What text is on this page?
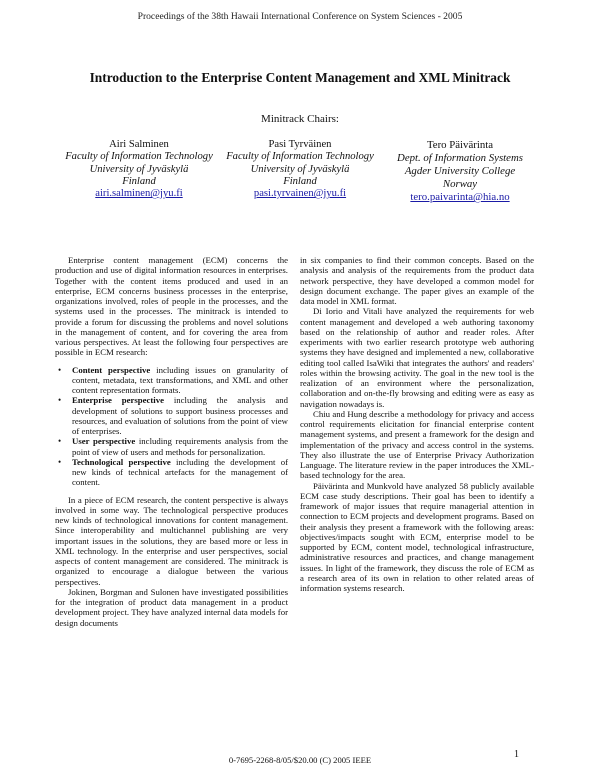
Proceedings of the 38th Hawaii International Conference on System Sciences - 2005
Introduction to the Enterprise Content Management and XML Minitrack
Minitrack Chairs:
Airi Salminen
Faculty of Information Technology
University of Jyväskylä
Finland
airi.salminen@jyu.fi
Pasi Tyrväinen
Faculty of Information Technology
University of Jyväskylä
Finland
pasi.tyrvainen@jyu.fi
Tero Päivärinta
Dept. of Information Systems
Agder University College
Norway
tero.paivarinta@hia.no

Enterprise content management (ECM) concerns the production and use of digital information resources in enterprises. Together with the content items produced and used in an enterprise, ECM concerns business processes in the enterprise, organizations involved, roles of people in the processes, and the systems used in the processes. The minitrack is intended to provide a forum for discussing the problems and novel solutions in the management of content, and for covering the area from various perspectives. At least the following four perspectives are possible in ECM research:

• Content perspective including issues on granularity of content, metadata, text transformations, and XML and other content representation formats.
• Enterprise perspective including the analysis and development of solutions to support business processes and resources, and evaluation of solutions from the point of view of enterprises.
• User perspective including requirements analysis from the point of view of users and methods for personalization.
• Technological perspective including the development of new kinds of technical artefacts for the management of content.

In a piece of ECM research, the content perspective is always involved in some way. The technological perspective produces new kinds of technological innovations for content management. Since interoperability and multichannel publishing are very important issues in the solutions, they are based more or less in XML technology. In the enterprise and user perspectives, social aspects of content management are considered. The minitrack is organized to encourage a dialogue between the various perspectives.

Jokinen, Borgman and Sulonen have investigated possibilities for the integration of product data management in a product development project. They have analyzed internal data models for design documents

in six companies to find their common concepts. Based on the analysis and analysis of the requirements from the product data network perspective, they have developed a common model for design document exchange. The paper gives an example of the data model in XML format.

Di Iorio and Vitali have analyzed the requirements for web content management and developed a web authoring taxonomy based on the relationship of author and reader roles. After experiments with two earlier research prototype web authoring systems they have designed and implemented a new, collaborative editing tool called IsaWiki that integrates the authors' and readers' roles within the browsing activity. The goal in the new tool is the realization of an environment where the personalization, collaboration and on-the-fly browsing and editing were as easy as navigation nowadays is.

Chiu and Hung describe a methodology for privacy and access control requirements elicitation for financial enterprise content management systems, and present a framework for the design and implementation of the privacy and access control in the systems. They also illustrate the use of Enterprise Privacy Authorization Language. The literature review in the paper introduces the XML-based technology for the area.

Päivärinta and Munkvold have analyzed 58 publicly available ECM case study descriptions. Their goal has been to identify a framework of major issues that require managerial attention in connection to ECM projects and development programs. Based on their analysis they present a framework with the following areas: objectives/impacts sought with ECM, enterprise model to be supported by ECM, content model, technological infrastructure, administrative resources and practices, and change management issues. In light of the framework, they discuss the role of ECM as a research area of its own in relation to other related areas of information systems research.

0-7695-2268-8/05/$20.00 (C) 2005 IEEE	1
